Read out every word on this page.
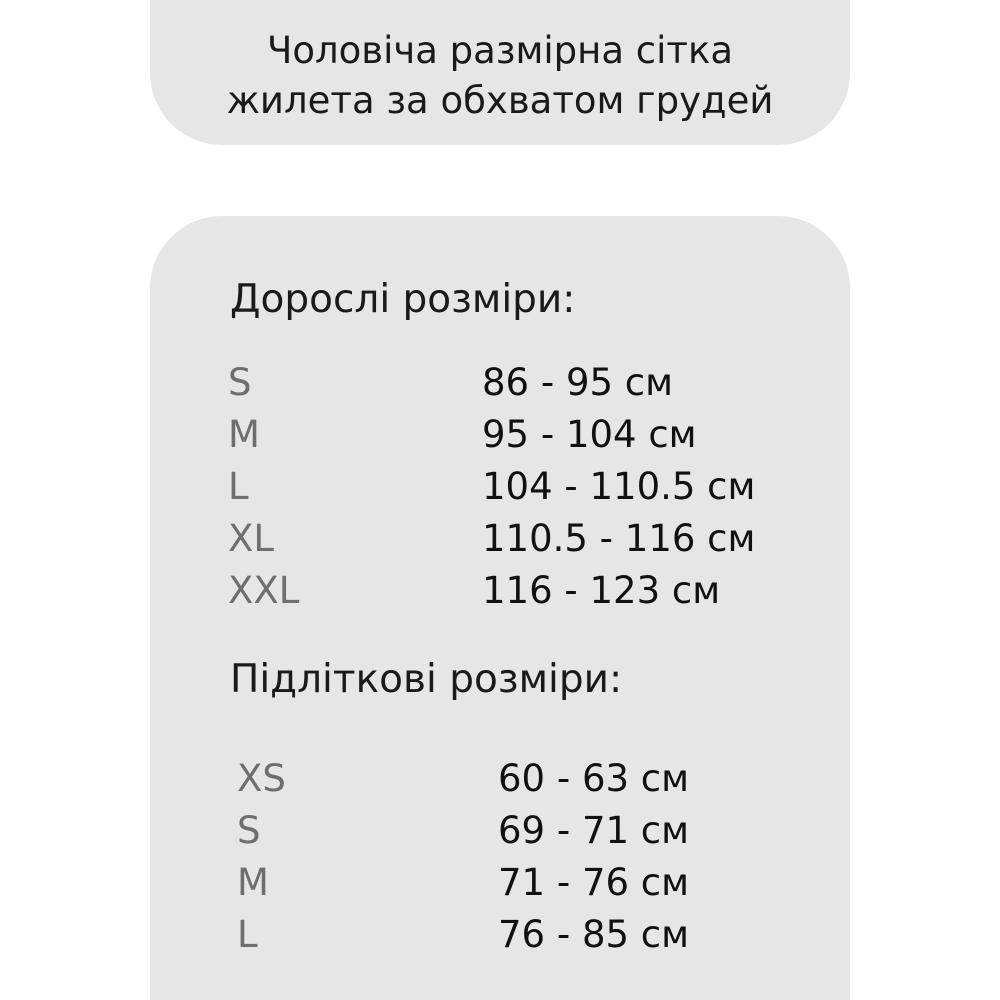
Чоловіча размірна сітка
жилета за обхватом грудей
Дорослі розміри:
S	86 - 95 см
M	95 - 104 см
L	104 - 110.5 см
XL	110.5 - 116 см
XXL	116 - 123 см
Підліткові розміри:
XS	60 - 63 см
S	69 - 71 см
M	71 - 76 см
L	76 - 85 см
